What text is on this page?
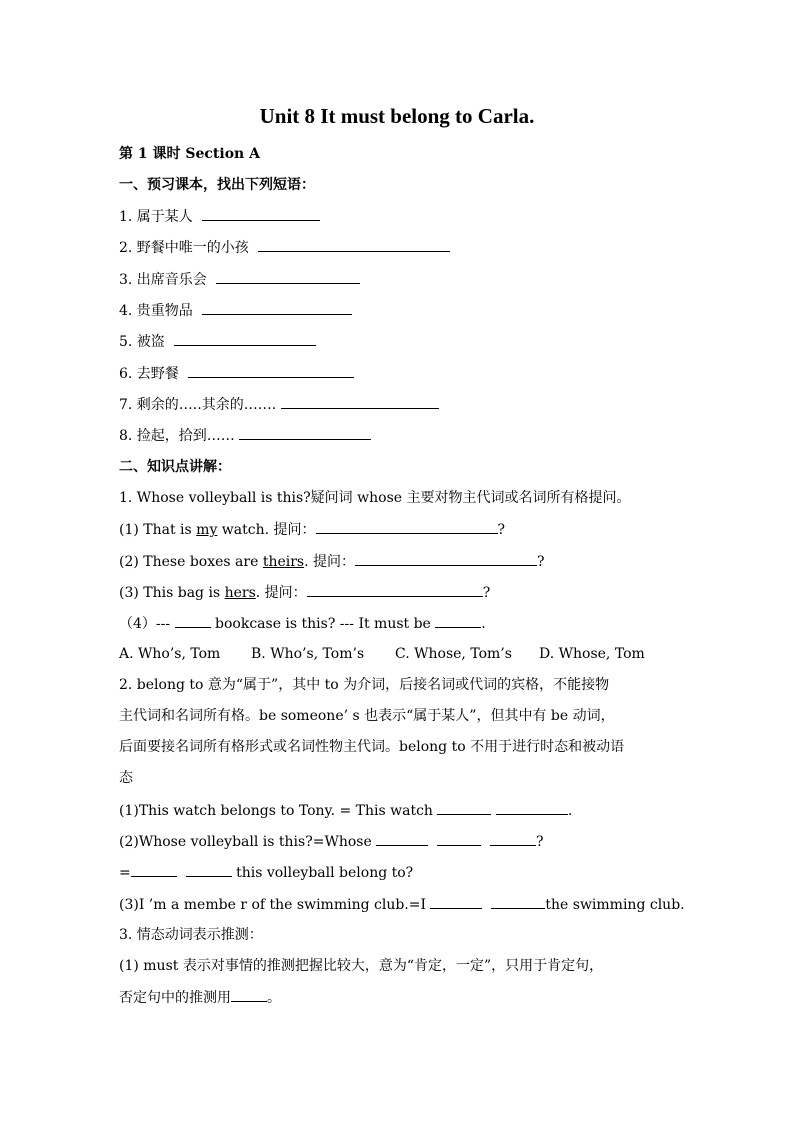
Unit 8 It must belong to Carla.
第 1 课时 Section A
一、预习课本，找出下列短语：
1. 属于某人
2. 野餐中唯一的小孩
3. 出席音乐会
4. 贵重物品
5. 被盗
6. 去野餐
7. 剩余的…..其余的…….
8. 捡起，拾到……
二、知识点讲解：
1. Whose volleyball is this?疑问词 whose 主要对物主代词或名词所有格提问。
(1) That is my watch. 提问：	?
(2) These boxes are theirs. 提问：	?
(3) This bag is hers. 提问：	?
（4）---	bookcase is this? --- It must be	.
A. Who’s, Tom B. Who’s, Tom’s C. Whose, Tom’s D. Whose, Tom
2. belong to 意为“属于”，其中 to 为介词，后接名词或代词的宾格，不能接物
主代词和名词所有格。be someone’ s 也表示“属于某人”，但其中有 be 动词，
后面要接名词所有格形式或名词性物主代词。belong to 不用于进行时态和被动语
态
(1)This watch belongs to Tony. = This watch	.
(2)Whose volleyball is this?=Whose	?
=	this volleyball belong to?
(3)I ’m a membe r of the swimming club.=I	the swimming club.
3. 情态动词表示推测：
(1) must 表示对事情的推测把握比较大，意为“肯定，一定”，只用于肯定句，
否定句中的推测用	。
